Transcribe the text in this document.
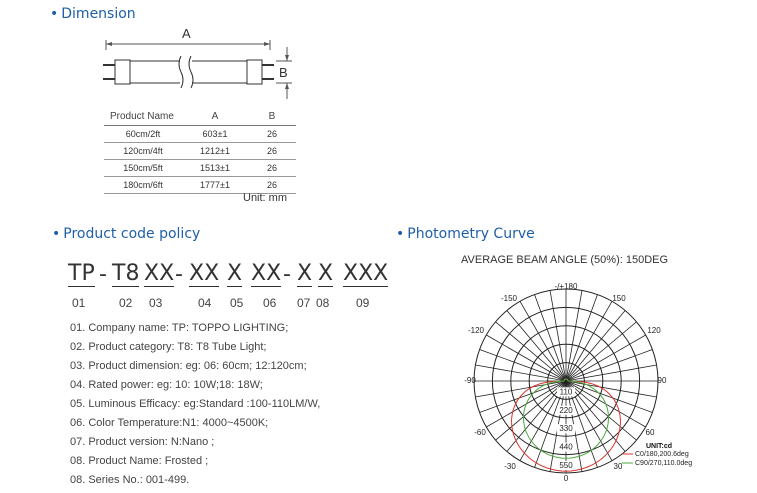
• Dimension
A
B
Product Name	A	B
60cm/2ft	603±1	26
120cm/4ft	1212±1	26
150cm/5ft	1513±1	26
180cm/6ft	1777±1	26
Unit: mm
• Product code policy
TP - T8 XX - XX X XX - X X XXX
01	02 03	04 05 06 07 08 09
01. Company name: TP: TOPPO LIGHTING;
02. Product category: T8: T8 Tube Light;
03. Product dimension: eg: 06: 60cm; 12:120cm;
04. Rated power: eg: 10: 10W;18: 18W;
05. Luminous Efficacy: eg:Standard :100-110LM/W,
06. Color Temperature:N1: 4000~4500K;
07. Product version: N:Nano ;
08. Product Name: Frosted ;
08. Series No.: 001-499.
• Photometry Curve
AVERAGE BEAM ANGLE (50%): 150DEG
-/+180
150
120
90
60
30
0
-30
-60
-90
-120
-150
110
220
330
440
550
UNIT:cd
C0/180,200.6deg
C90/270,110.0deg
